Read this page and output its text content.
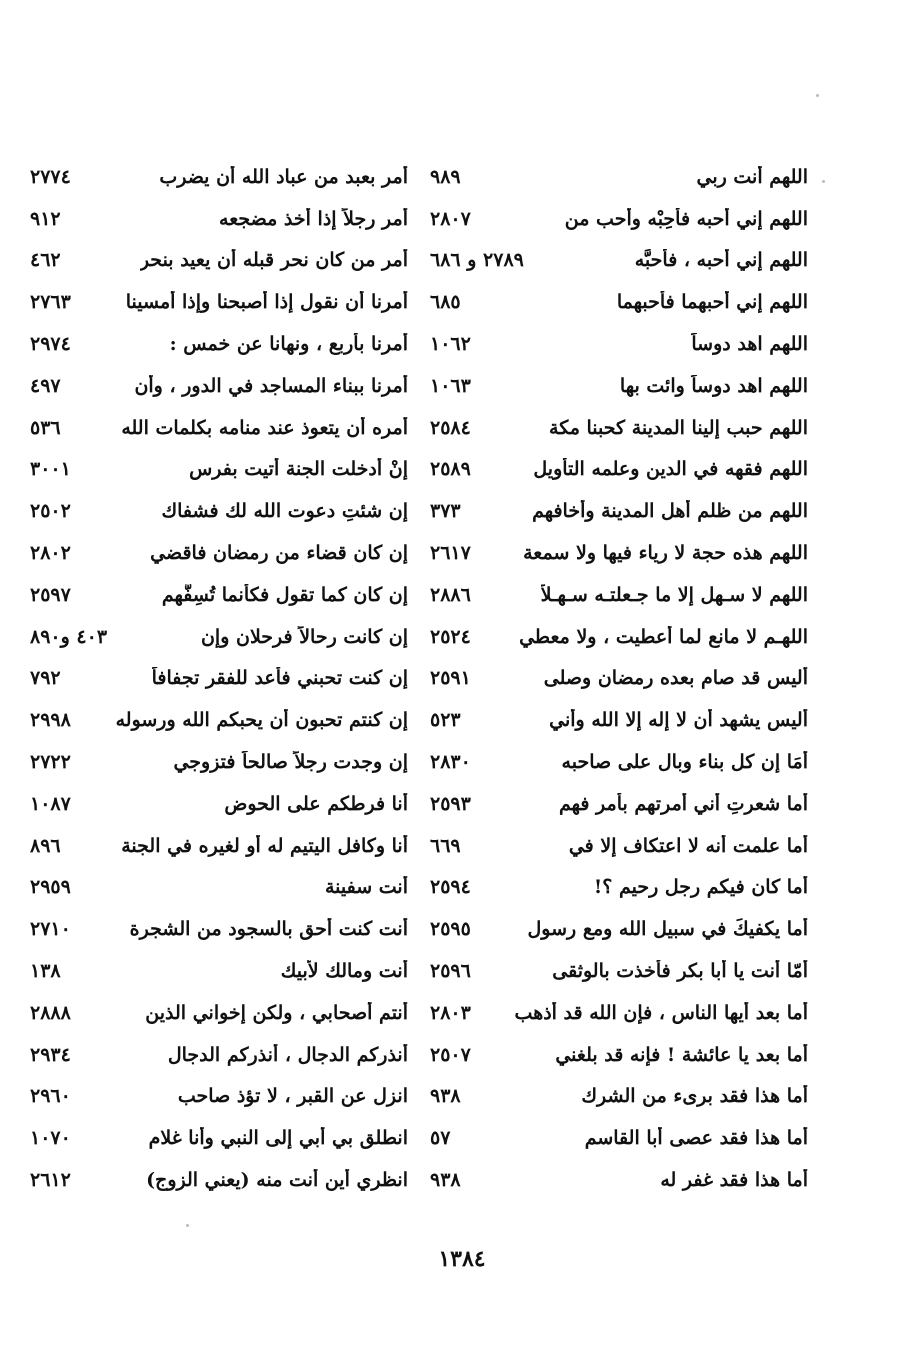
اللهم أنت ربي
٩٨٩
اللهم إني أُحبه فأَحِبْه وأحب من
٢٨٠٧
اللهم إني أُحبه ، فأَحبَّه
٢٧٨٩ و ٦٨٦
اللهم إني أُحبهما فأَحبهما
٦٨٥
اللهم اهد دوساً
١٠٦٢
اللهم اهد دوساً وائت بها
١٠٦٣
اللهم حبب إلينا المدينة كحبنا مكة
٢٥٨٤
اللهم فقهه في الدين وعلمه التأويل
٢٥٨٩
اللهم من ظلم أهل المدينة وأخافهم
٣٧٣
اللهم هذه حجة لا رياء فيها ولا سمعة
٢٦١٧
اللهم لا سـهل إلا ما جـعلتـه سـهـلاً
٢٨٨٦
اللهـم لا مانع لما أعطيت ، ولا معطي
٢٥٢٤
أليس قد صام بعده رمضان وصلى
٢٥٩١
أليس يشهد أن لا إله إلا الله وأني
٥٢٣
أمَا إن كل بناء وبال على صاحبه
٢٨٣٠
أما شعرتِ أني أمرتهم بأمر فهم
٢٥٩٣
أما علمت أنه لا اعتكاف إلا في
٦٦٩
أما كان فيكم رجل رحيم ؟!
٢٥٩٤
أما يكفيكَ في سبيل الله ومع رسول
٢٥٩٥
أمّا أنت يا أبا بكر فأخذت بالوثقى
٢٥٩٦
أما بعد أيها الناس ، فإن الله قد أذهب
٢٨٠٣
أما بعد يا عائشة ! فإنه قد بلغني
٢٥٠٧
أما هذا فقد برىء من الشرك
٩٣٨
أما هذا فقد عصى أبا القاسم
٥٧
أما هذا فقد غفر له
٩٣٨
أمر بعبد من عباد الله أن يضرب
٢٧٧٤
أمر رجلاً إذا أخذ مضجعه
٩١٢
أمر من كان نحر قبله أن يعيد بنحر
٤٦٢
أمرنا أن نقول إذا أصبحنا وإذا أمسينا
٢٧٦٣
أمرنا بأربع ، ونهانا عن خمس :
٢٩٧٤
أمرنا ببناء المساجد في الدور ، وأن
٤٩٧
أمره أن يتعوذ عند منامه بكلمات الله
٥٣٦
إنْ أدخلت الجنة أتيت بفرس
٣٠٠١
إن شئتِ دعوت الله لك فشفاك
٢٥٠٢
إن كان قضاء من رمضان فاقضي
٢٨٠٢
إن كان كما تقول فكأنما تُسِفُّهم
٢٥٩٧
إن كانت رحالاً فرحلان وإن
٤٠٣ و٨٩٠
إن كنت تحبني فأعد للفقر تجفافاً
٧٩٢
إن كنتم تحبون أن يحبكم الله ورسوله
٢٩٩٨
إن وجدت رجلاً صالحاً فتزوجي
٢٧٢٢
أنا فرطكم على الحوض
١٠٨٧
أنا وكافل اليتيم له أو لغيره في الجنة
٨٩٦
أنت سفينة
٢٩٥٩
أنت كنت أحق بالسجود من الشجرة
٢٧١٠
أنت ومالك لأبيك
١٣٨
أنتم أصحابي ، ولكن إخواني الذين
٢٨٨٨
أنذركم الدجال ، أنذركم الدجال
٢٩٣٤
انزل عن القبر ، لا تؤذ صاحب
٢٩٦٠
انطلق بي أبي إلى النبي وأنا غلام
١٠٧٠
انظري أين أنت منه (يعني الزوج)
٢٦١٢
١٣٨٤
